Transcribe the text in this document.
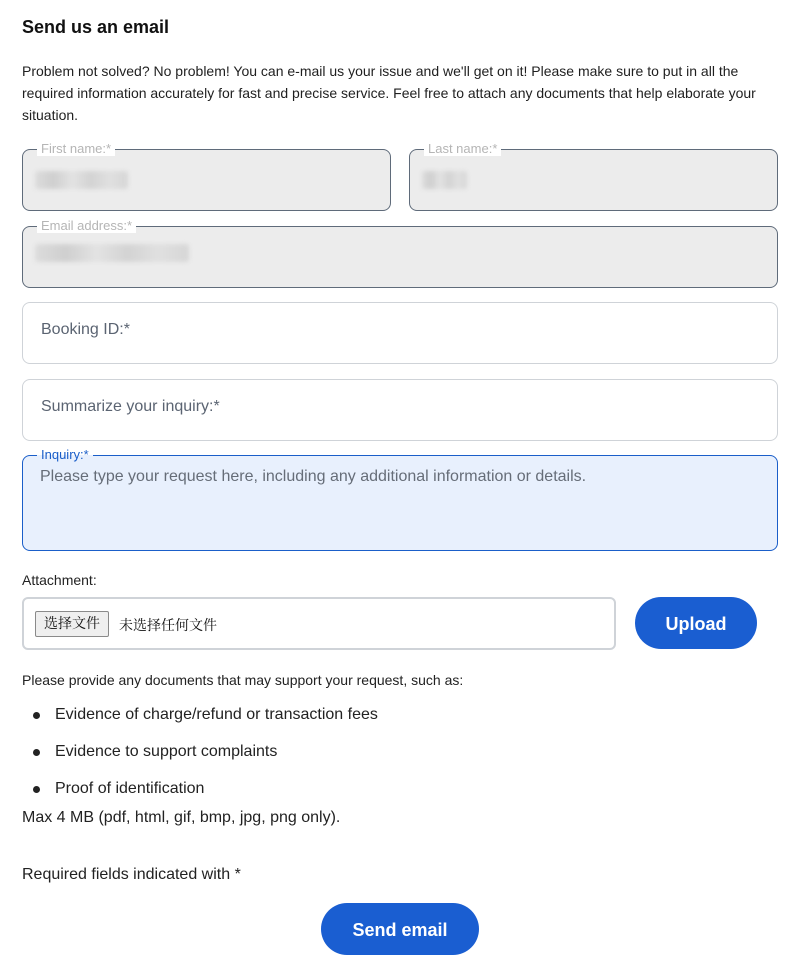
Send us an email
Problem not solved? No problem! You can e-mail us your issue and we'll get on it! Please make sure to put in all the required information accurately for fast and precise service. Feel free to attach any documents that help elaborate your situation.
First name:*	Last name:*
Email address:*
Booking ID:*
Summarize your inquiry:*
Inquiry:*
Please type your request here, including any additional information or details.
Attachment:
选择文件	未选择任何文件	Upload
Please provide any documents that may support your request, such as:
Evidence of charge/refund or transaction fees
Evidence to support complaints
Proof of identification
Max 4 MB (pdf, html, gif, bmp, jpg, png only).
Required fields indicated with *
Send email
